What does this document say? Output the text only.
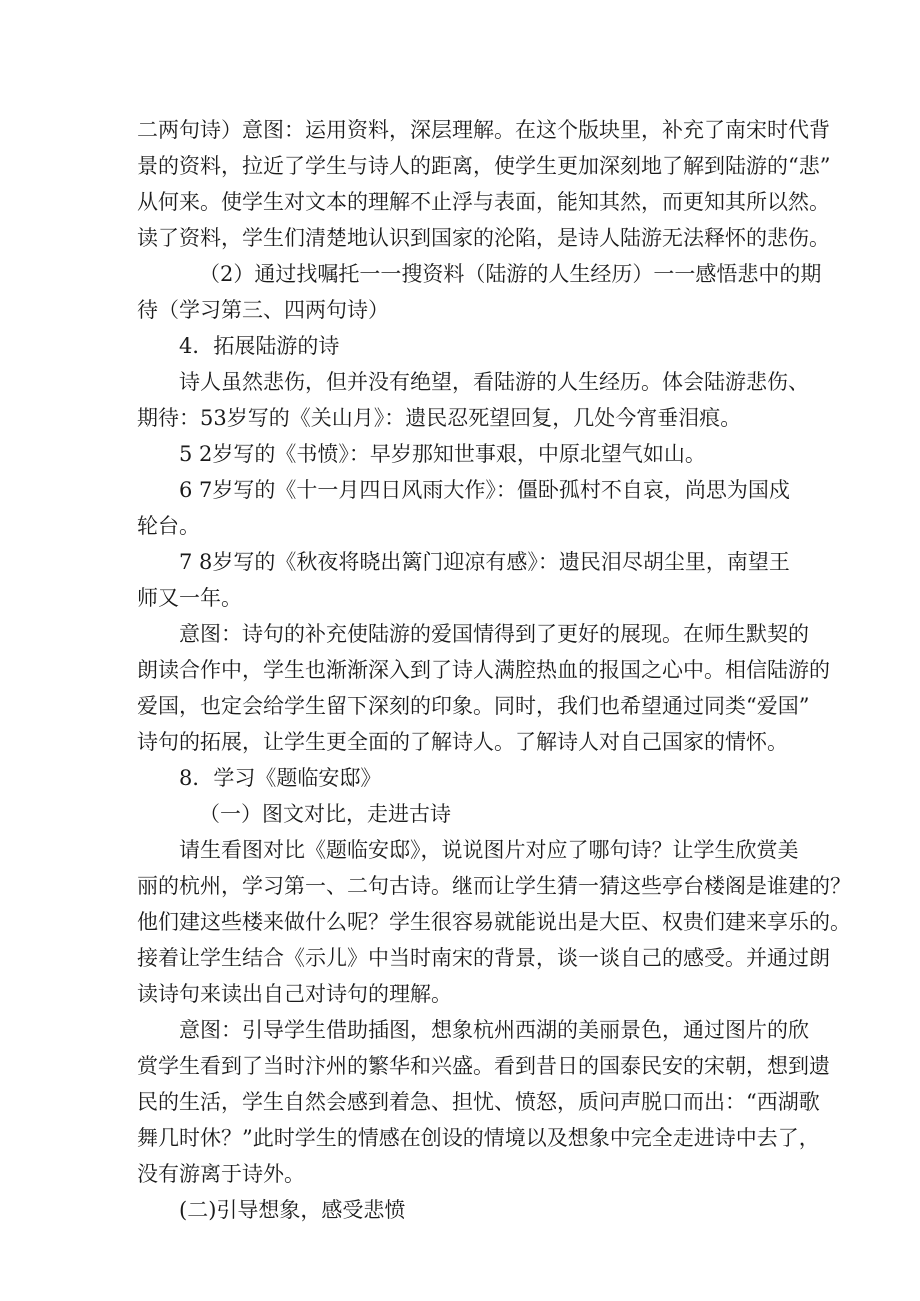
二两句诗）意图：运用资料，深层理解。在这个版块里，补充了南宋时代背
景的资料，拉近了学生与诗人的距离，使学生更加深刻地了解到陆游的“悲”
从何来。使学生对文本的理解不止浮与表面，能知其然，而更知其所以然。
读了资料，学生们清楚地认识到国家的沦陷，是诗人陆游无法释怀的悲伤。
（2）通过找嘱托一一搜资料（陆游的人生经历）一一感悟悲中的期
待（学习第三、四两句诗）
4．拓展陆游的诗
诗人虽然悲伤，但并没有绝望，看陆游的人生经历。体会陆游悲伤、
期待：53岁写的《关山月》：遗民忍死望回复，几处今宵垂泪痕。
5 2岁写的《书愤》：早岁那知世事艰，中原北望气如山。
6 7岁写的《十一月四日风雨大作》：僵卧孤村不自哀，尚思为国戍
轮台。
7 8岁写的《秋夜将晓出篱门迎凉有感》：遗民泪尽胡尘里，南望王
师又一年。
意图：诗句的补充使陆游的爱国情得到了更好的展现。在师生默契的
朗读合作中，学生也渐渐深入到了诗人满腔热血的报国之心中。相信陆游的
爱国，也定会给学生留下深刻的印象。同时，我们也希望通过同类“爱国”
诗句的拓展，让学生更全面的了解诗人。了解诗人对自己国家的情怀。
8．学习《题临安邸》
（一）图文对比，走进古诗
请生看图对比《题临安邸》，说说图片对应了哪句诗？让学生欣赏美
丽的杭州，学习第一、二句古诗。继而让学生猜一猜这些亭台楼阁是谁建的？
他们建这些楼来做什么呢？学生很容易就能说出是大臣、权贵们建来享乐的。
接着让学生结合《示儿》中当时南宋的背景，谈一谈自己的感受。并通过朗
读诗句来读出自己对诗句的理解。
意图：引导学生借助插图，想象杭州西湖的美丽景色，通过图片的欣
赏学生看到了当时汴州的繁华和兴盛。看到昔日的国泰民安的宋朝，想到遗
民的生活，学生自然会感到着急、担忧、愤怒，质问声脱口而出：“西湖歌
舞几时休？”此时学生的情感在创设的情境以及想象中完全走进诗中去了，
没有游离于诗外。
(二)引导想象，感受悲愤
